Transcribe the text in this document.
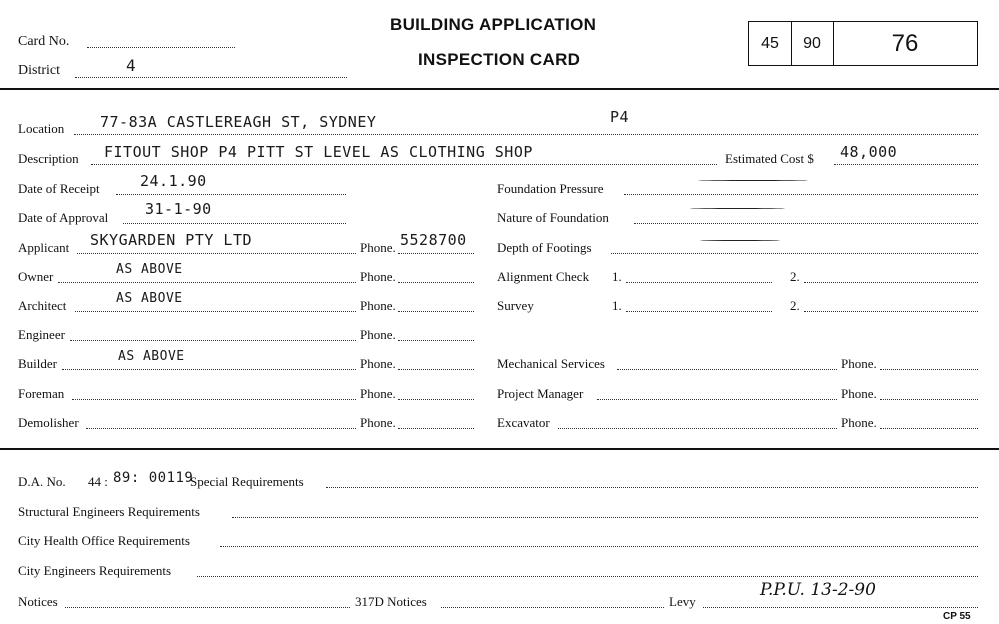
Card No.
District	4
BUILDING APPLICATION
INSPECTION CARD
45 90	76
Location 77-83A CASTLEREAGH ST, SYDNEY	P4
Description FITOUT SHOP P4 PITT ST LEVEL AS CLOTHING SHOP	Estimated Cost $ 48,000
Date of Receipt	24.1.90
Date of Approval 31-1-90
Applicant SKYGARDEN PTY LTD	Phone. 5528700
Owner	AS ABOVE	Phone.
Architect	AS ABOVE	Phone.
Engineer	Phone.
Builder	AS ABOVE	Phone.
Foreman	Phone.
Demolisher	Phone.
Foundation Pressure
Nature of Foundation
Depth of Footings
Alignment Check 1.	2.
Survey	1.	2.
Mechanical Services	Phone.
Project Manager	Phone.
Excavator	Phone.
D.A. No. 44 : 89: 00119
Special Requirements
Structural Engineers Requirements
City Health Office Requirements
City Engineers Requirements
Notices	317D Notices	Levy
P.P.U. 13-2-90
CP 55
